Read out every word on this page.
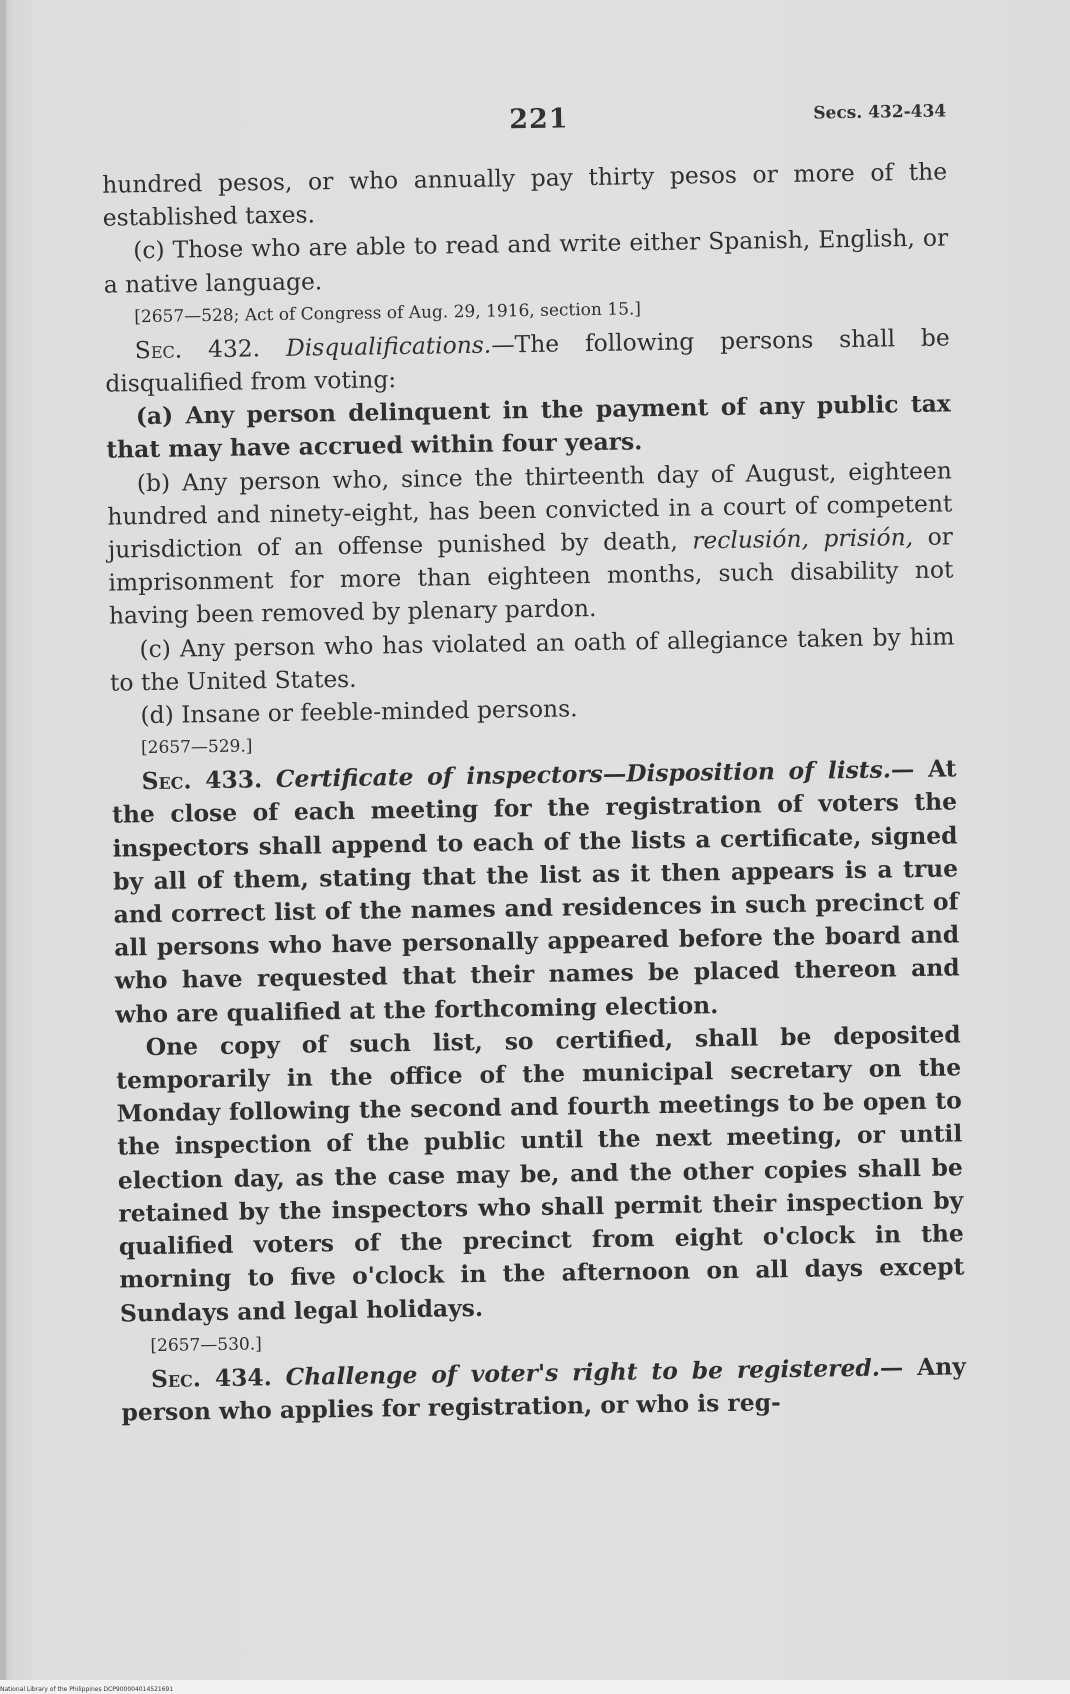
221	Secs. 432-434

hundred pesos, or who annually pay thirty pesos or more of the established taxes.

(c) Those who are able to read and write either Spanish, English, or a native language.

[2657—528; Act of Congress of Aug. 29, 1916, section 15.]

Sec. 432. Disqualifications.—The following persons shall be disqualified from voting:

(a) Any person delinquent in the payment of any public tax that may have accrued within four years.

(b) Any person who, since the thirteenth day of August, eighteen hundred and ninety-eight, has been convicted in a court of competent jurisdiction of an offense punished by death, reclusión, prisión, or imprisonment for more than eighteen months, such disability not having been removed by plenary pardon.

(c) Any person who has violated an oath of allegiance taken by him to the United States.

(d) Insane or feeble-minded persons.

[2657—529.]

Sec. 433. Certificate of inspectors—Disposition of lists.— At the close of each meeting for the registration of voters the inspectors shall append to each of the lists a certificate, signed by all of them, stating that the list as it then appears is a true and correct list of the names and residences in such precinct of all persons who have personally appeared before the board and who have requested that their names be placed thereon and who are qualified at the forthcoming election.

One copy of such list, so certified, shall be deposited temporarily in the office of the municipal secretary on the Monday following the second and fourth meetings to be open to the inspection of the public until the next meeting, or until election day, as the case may be, and the other copies shall be retained by the inspectors who shall permit their inspection by qualified voters of the precinct from eight o'clock in the morning to five o'clock in the afternoon on all days except Sundays and legal holidays.

[2657—530.]

Sec. 434. Challenge of voter's right to be registered.— Any person who applies for registration, or who is reg-

National Library of the Philippines DCP900004014521691
